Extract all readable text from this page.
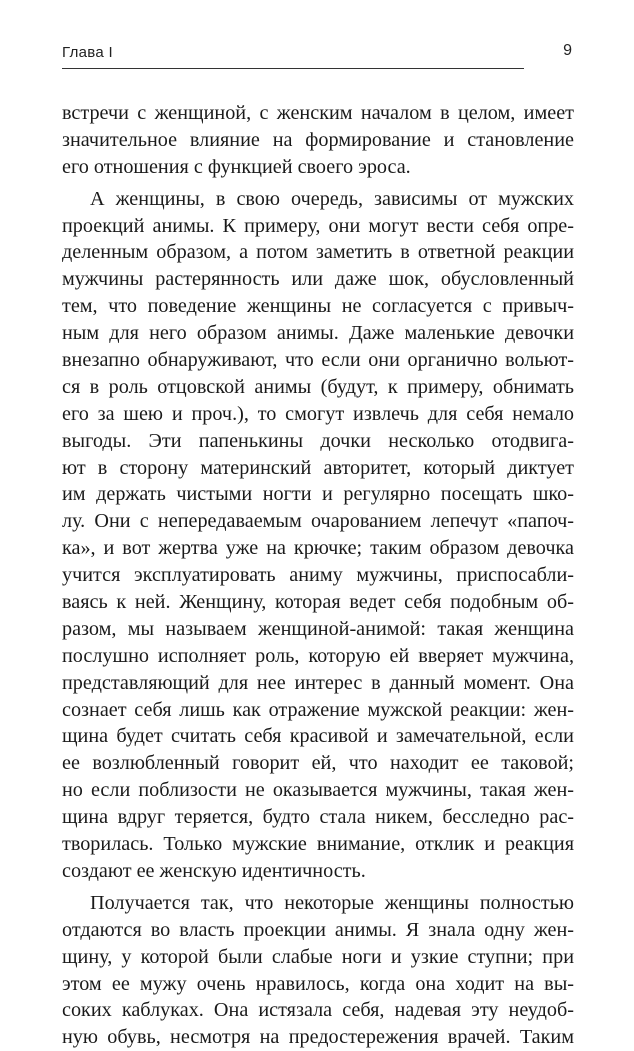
Глава I	9
встречи с женщиной, с женским началом в целом, имеет
значительное влияние на формирование и становление
его отношения с функцией своего эроса.
А женщины, в свою очередь, зависимы от мужских
проекций анимы. К примеру, они могут вести себя опре-
деленным образом, а потом заметить в ответной реакции
мужчины растерянность или даже шок, обусловленный
тем, что поведение женщины не согласуется с привыч-
ным для него образом анимы. Даже маленькие девочки
внезапно обнаруживают, что если они органично вольют-
ся в роль отцовской анимы (будут, к примеру, обнимать
его за шею и проч.), то смогут извлечь для себя немало
выгоды. Эти папенькины дочки несколько отодвига-
ют в сторону материнский авторитет, который диктует
им держать чистыми ногти и регулярно посещать шко-
лу. Они с непередаваемым очарованием лепечут «папоч-
ка», и вот жертва уже на крючке; таким образом девочка
учится эксплуатировать аниму мужчины, приспосабли-
ваясь к ней. Женщину, которая ведет себя подобным об-
разом, мы называем женщиной-анимой: такая женщина
послушно исполняет роль, которую ей вверяет мужчина,
представляющий для нее интерес в данный момент. Она
сознает себя лишь как отражение мужской реакции: жен-
щина будет считать себя красивой и замечательной, если
ее возлюбленный говорит ей, что находит ее таковой;
но если поблизости не оказывается мужчины, такая жен-
щина вдруг теряется, будто стала никем, бесследно рас-
творилась. Только мужские внимание, отклик и реакция
создают ее женскую идентичность.
Получается так, что некоторые женщины полностью
отдаются во власть проекции анимы. Я знала одну жен-
щину, у которой были слабые ноги и узкие ступни; при
этом ее мужу очень нравилось, когда она ходит на вы-
соких каблуках. Она истязала себя, надевая эту неудоб-
ную обувь, несмотря на предостережения врачей. Таким
